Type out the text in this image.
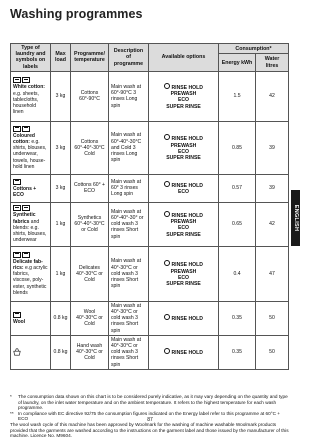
Washing programmes
ENGLISH
Type of laundry and symbols on labels	Max load	Programme/ temperature	Description of programme	Available options	Consumption*	
					Energy kWh	Water litres

White cotton: e.g. sheets, tablecloths, household linen	3 kg	Cottons 60°-90°C	Main wash at 60°-90°C 3 rinses Long spin	RINSE HOLD
PREWASH
ECO
SUPER RINSE	1.5	42

Coloured cotton: e.g. shirts, blouses, underwear, towels, house-hold linen	3 kg	Cottons 60°-40°-30°C Cold	Main wash at 60°-40°-30°C and Cold 3 rinses Long spin	RINSE HOLD
PREWASH
ECO
SUPER RINSE	0.85	39

Cottons + ECO	3 kg	Cottons 60° + ECO	Main wash at 60° 3 rinses Long spin	RINSE HOLD
ECO	0.57	39

Synthetic fabrics and blends: e.g. shirts, blouses, underwear	1 kg	Synthetics 60°-40°-30°C or Cold	Main wash at 60°-40°-30° or cold wash 3 rinses Short spin	RINSE HOLD
PREWASH
ECO
SUPER RINSE	0.65	42

Delicate fab-rics: e.g acrylic fabrics, viscose, poly-ester, synthetic blends	1 kg	Delicates 40°-30°C or Cold	Main wash at 40°-30°C or cold wash 3 rinses Short spin	RINSE HOLD
PREWASH
ECO
SUPER RINSE	0.4	47

Wool	0.8 kg	Wool 40°-30°C or Cold	Main wash at 40°-30°C or cold wash 3 rinses Short spin	RINSE HOLD	0.35	50

	0.8 kg	Hand wash 40°-30°C or Cold	Main wash at 40°-30°C or cold wash 3 rinses Short spin	RINSE HOLD	0.35	50
*	The consumption data shown on this chart is to be considered purely indicative, as it may vary depending on the quantity and type of laundry, on the inlet water temperature and on the ambient temperature. It refers to the highest temperature for each wash programme.
** In compliance with EC directive 92/75 the consumption figures indicated on the Energy label refer to this programme at 60°C + ECO
The wool wash cycle of this machine has been approved by Woolmark for the washing of machine washable Woolmark products provided that the garments are washed according to the instructions on the garment label and those issued by the manufacturer of this machine. Licence No. M9604.
87
